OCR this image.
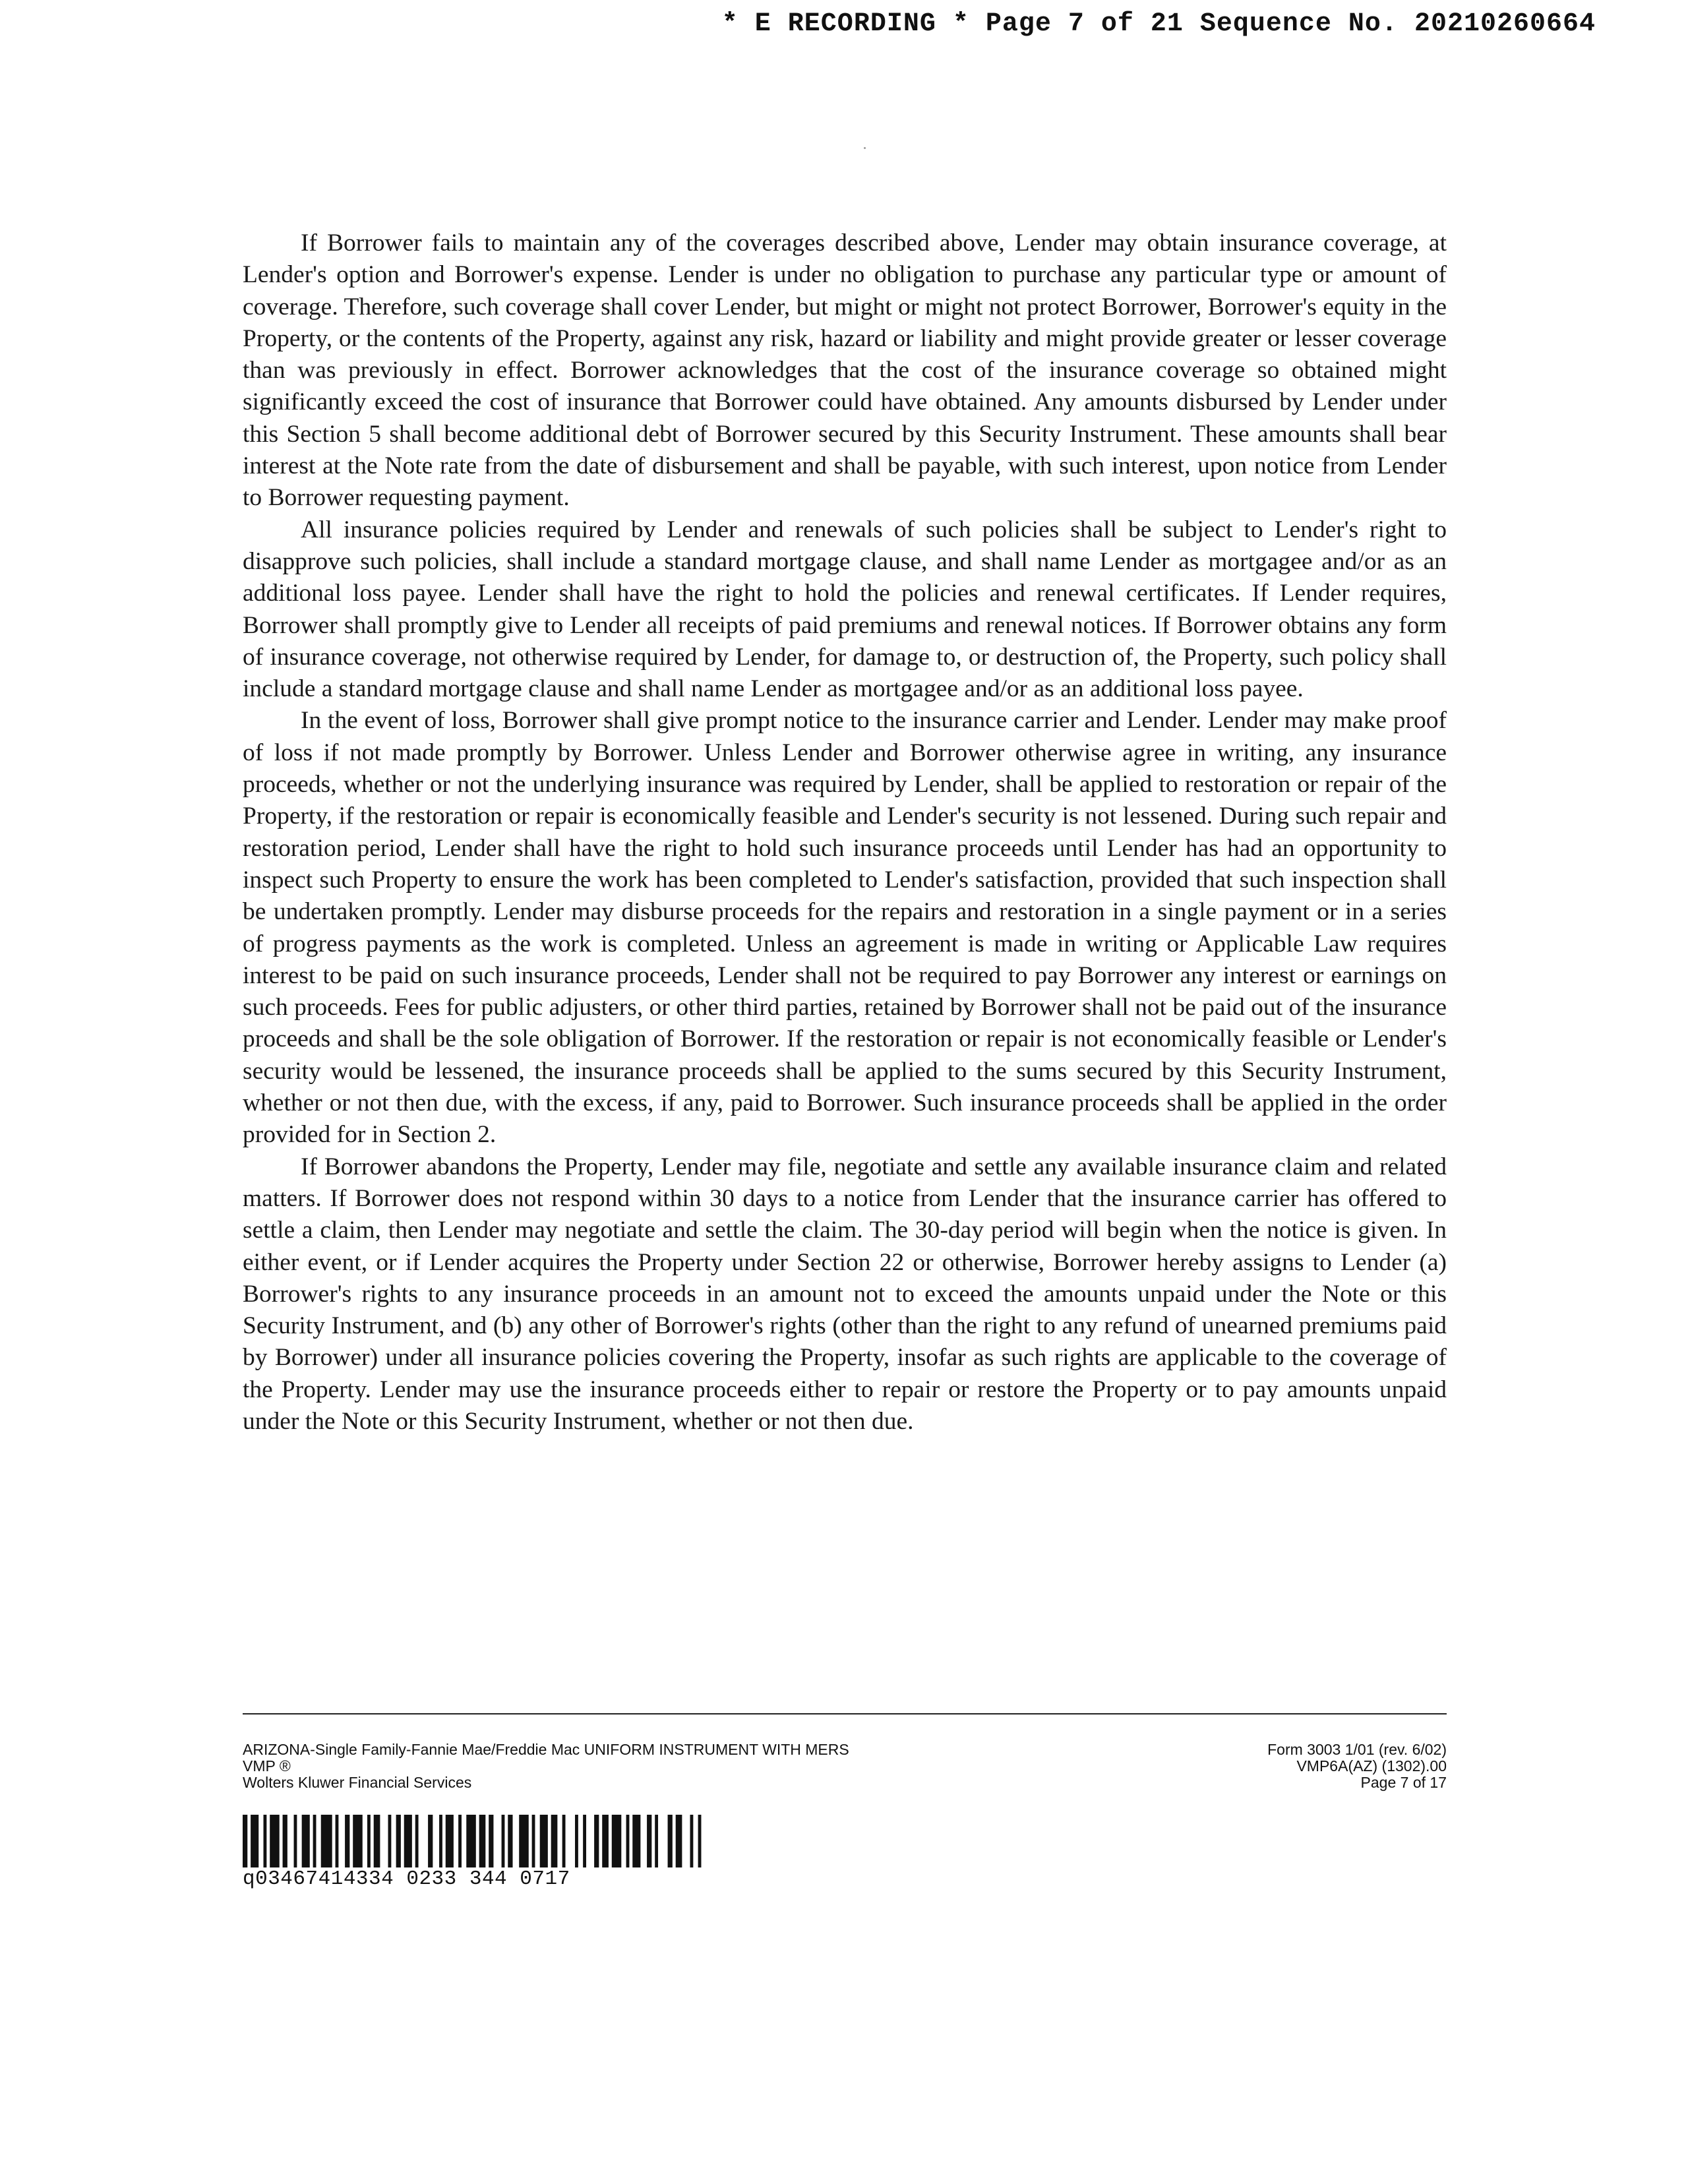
* E RECORDING * Page 7 of 21 Sequence No. 20210260664

If Borrower fails to maintain any of the coverages described above, Lender may obtain insurance coverage, at Lender's option and Borrower's expense. Lender is under no obligation to purchase any particular type or amount of coverage. Therefore, such coverage shall cover Lender, but might or might not protect Borrower, Borrower's equity in the Property, or the contents of the Property, against any risk, hazard or liability and might provide greater or lesser coverage than was previously in effect. Borrower acknowledges that the cost of the insurance coverage so obtained might significantly exceed the cost of insurance that Borrower could have obtained. Any amounts disbursed by Lender under this Section 5 shall become additional debt of Borrower secured by this Security Instrument. These amounts shall bear interest at the Note rate from the date of disbursement and shall be payable, with such interest, upon notice from Lender to Borrower requesting payment.

All insurance policies required by Lender and renewals of such policies shall be subject to Lender's right to disapprove such policies, shall include a standard mortgage clause, and shall name Lender as mortgagee and/or as an additional loss payee. Lender shall have the right to hold the policies and renewal certificates. If Lender requires, Borrower shall promptly give to Lender all receipts of paid premiums and renewal notices. If Borrower obtains any form of insurance coverage, not otherwise required by Lender, for damage to, or destruction of, the Property, such policy shall include a standard mortgage clause and shall name Lender as mortgagee and/or as an additional loss payee.

In the event of loss, Borrower shall give prompt notice to the insurance carrier and Lender. Lender may make proof of loss if not made promptly by Borrower. Unless Lender and Borrower otherwise agree in writing, any insurance proceeds, whether or not the underlying insurance was required by Lender, shall be applied to restoration or repair of the Property, if the restoration or repair is economically feasible and Lender's security is not lessened. During such repair and restoration period, Lender shall have the right to hold such insurance proceeds until Lender has had an opportunity to inspect such Property to ensure the work has been completed to Lender's satisfaction, provided that such inspection shall be undertaken promptly. Lender may disburse proceeds for the repairs and restoration in a single payment or in a series of progress payments as the work is completed. Unless an agreement is made in writing or Applicable Law requires interest to be paid on such insurance proceeds, Lender shall not be required to pay Borrower any interest or earnings on such proceeds. Fees for public adjusters, or other third parties, retained by Borrower shall not be paid out of the insurance proceeds and shall be the sole obligation of Borrower. If the restoration or repair is not economically feasible or Lender's security would be lessened, the insurance proceeds shall be applied to the sums secured by this Security Instrument, whether or not then due, with the excess, if any, paid to Borrower. Such insurance proceeds shall be applied in the order provided for in Section 2.

If Borrower abandons the Property, Lender may file, negotiate and settle any available insurance claim and related matters. If Borrower does not respond within 30 days to a notice from Lender that the insurance carrier has offered to settle a claim, then Lender may negotiate and settle the claim. The 30-day period will begin when the notice is given. In either event, or if Lender acquires the Property under Section 22 or otherwise, Borrower hereby assigns to Lender (a) Borrower's rights to any insurance proceeds in an amount not to exceed the amounts unpaid under the Note or this Security Instrument, and (b) any other of Borrower's rights (other than the right to any refund of unearned premiums paid by Borrower) under all insurance policies covering the Property, insofar as such rights are applicable to the coverage of the Property. Lender may use the insurance proceeds either to repair or restore the Property or to pay amounts unpaid under the Note or this Security Instrument, whether or not then due.

ARIZONA-Single Family-Fannie Mae/Freddie Mac UNIFORM INSTRUMENT WITH MERS
VMP ®
Wolters Kluwer Financial Services
Form 3003 1/01 (rev. 6/02)
VMP6A(AZ) (1302).00
Page 7 of 17
q03467414334 0233 344 0717
